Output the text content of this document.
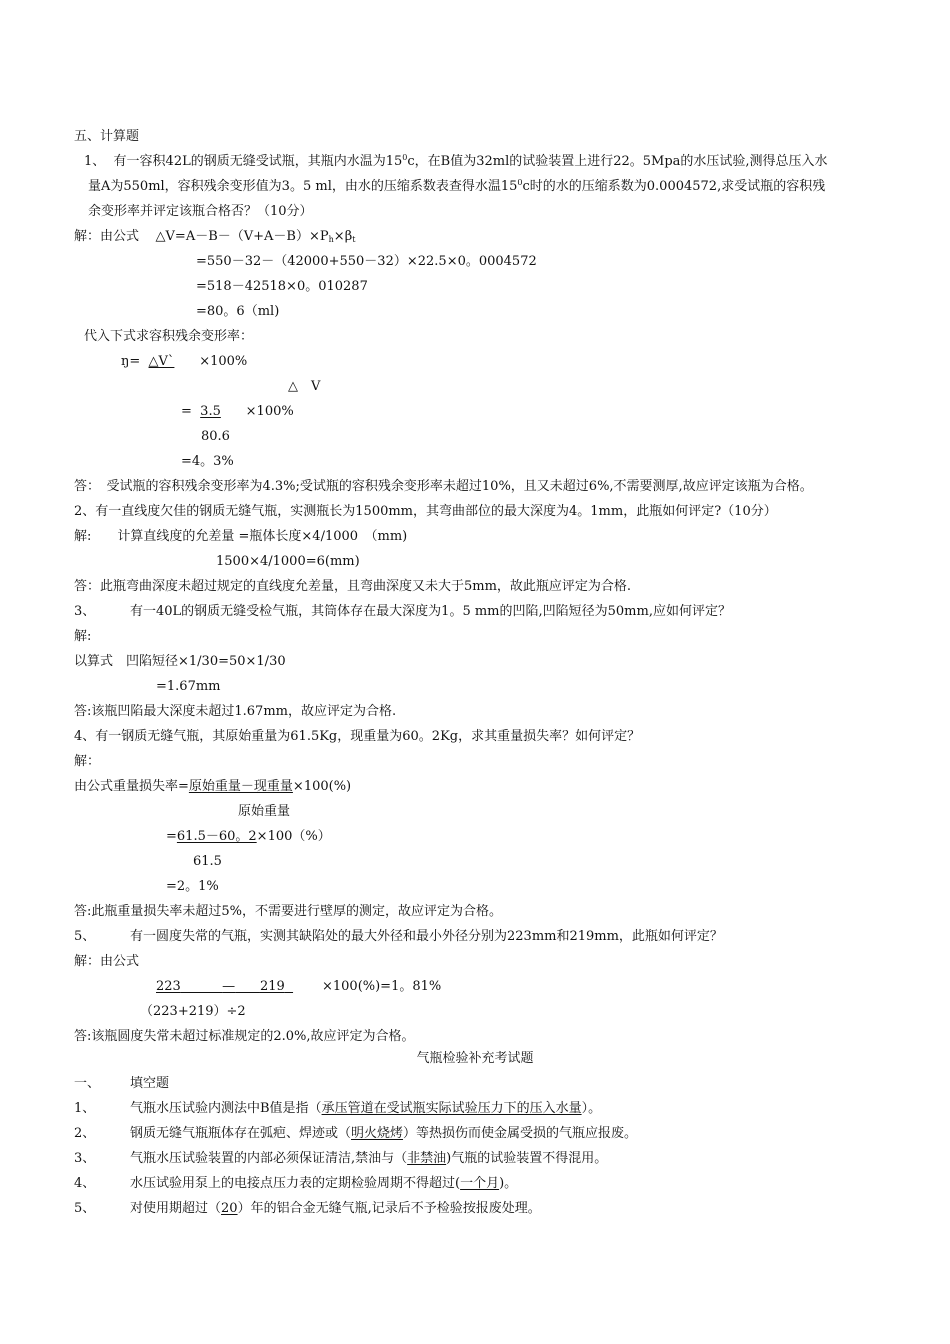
五、计算题
1、 有一容积42L的钢质无缝受试瓶，其瓶内水温为$15^0c$，在B值为32ml的试验装置上进行22。5Mpa的水压试验,测得总压入水
量A为550ml，容积残余变形值为3。5 ml，由水的压缩系数表查得水温$15^0c$时的水的压缩系数为0.0004572,求受试瓶的容积残
余变形率并评定该瓶合格否？（10分）
解：由公式 $\triangle V=A-B-(V+A-B)\times P_h\times\beta_t$
=550－32－（42000+550－32）×22.5×0。0004572
=518－42518×0。010287
=80。6（ml)
代入下式求容积残余变形率：
ŋ= △V` ×100%
△　V
=  3.5 ×100%
80.6
=4。3%
答：　受试瓶的容积残余变形率为4.3%;受试瓶的容积残余变形率未超过10%，且又未超过6%,不需要测厚,故应评定该瓶为合格。
2、有一直线度欠佳的钢质无缝气瓶，实测瓶长为1500mm，其弯曲部位的最大深度为4。1mm，此瓶如何评定?（10分）
解:　　计算直线度的允差量 =瓶体长度×4/1000　（mm)
1500×4/1000=6(mm)
答：此瓶弯曲深度未超过规定的直线度允差量，且弯曲深度又未大于5mm，故此瓶应评定为合格.
3、	有一40L的钢质无缝受检气瓶，其筒体存在最大深度为1。5 mm的凹陷,凹陷短径为50mm,应如何评定？
解:
以算式　凹陷短径×1/30=50×1/30
=1.67mm
答:该瓶凹陷最大深度未超过1.67mm，故应评定为合格.
4、有一钢质无缝气瓶，其原始重量为61.5Kg，现重量为60。2Kg，求其重量损失率？如何评定？
解：
由公式重量损失率=原始重量－现重量×100(%)
原始重量
=61.5－60。2×100（%）
61.5
=2。1%
答:此瓶重量损失率未超过5%，不需要进行壁厚的测定，故应评定为合格。
5、	有一圆度失常的气瓶，实测其缺陷处的最大外径和最小外径分别为223mm和219mm，此瓶如何评定？
解：由公式
223	— 219	×100(%)=1。81%
（223+219）÷2
答:该瓶圆度失常未超过标准规定的2.0%,故应评定为合格。
气瓶检验补充考试题
一、 填空题
1、	气瓶水压试验内测法中B值是指（承压管道在受试瓶实际试验压力下的压入水量）。
2、	钢质无缝气瓶瓶体存在弧疤、焊迹或（明火烧烤）等热损伤而使金属受损的气瓶应报废。
3、	气瓶水压试验装置的内部必须保证清洁,禁油与（非禁油)气瓶的试验装置不得混用。
4、	水压试验用泵上的电接点压力表的定期检验周期不得超过(一个月)。
5、	对使用期超过（20）年的铝合金无缝气瓶,记录后不予检验按报废处理。
